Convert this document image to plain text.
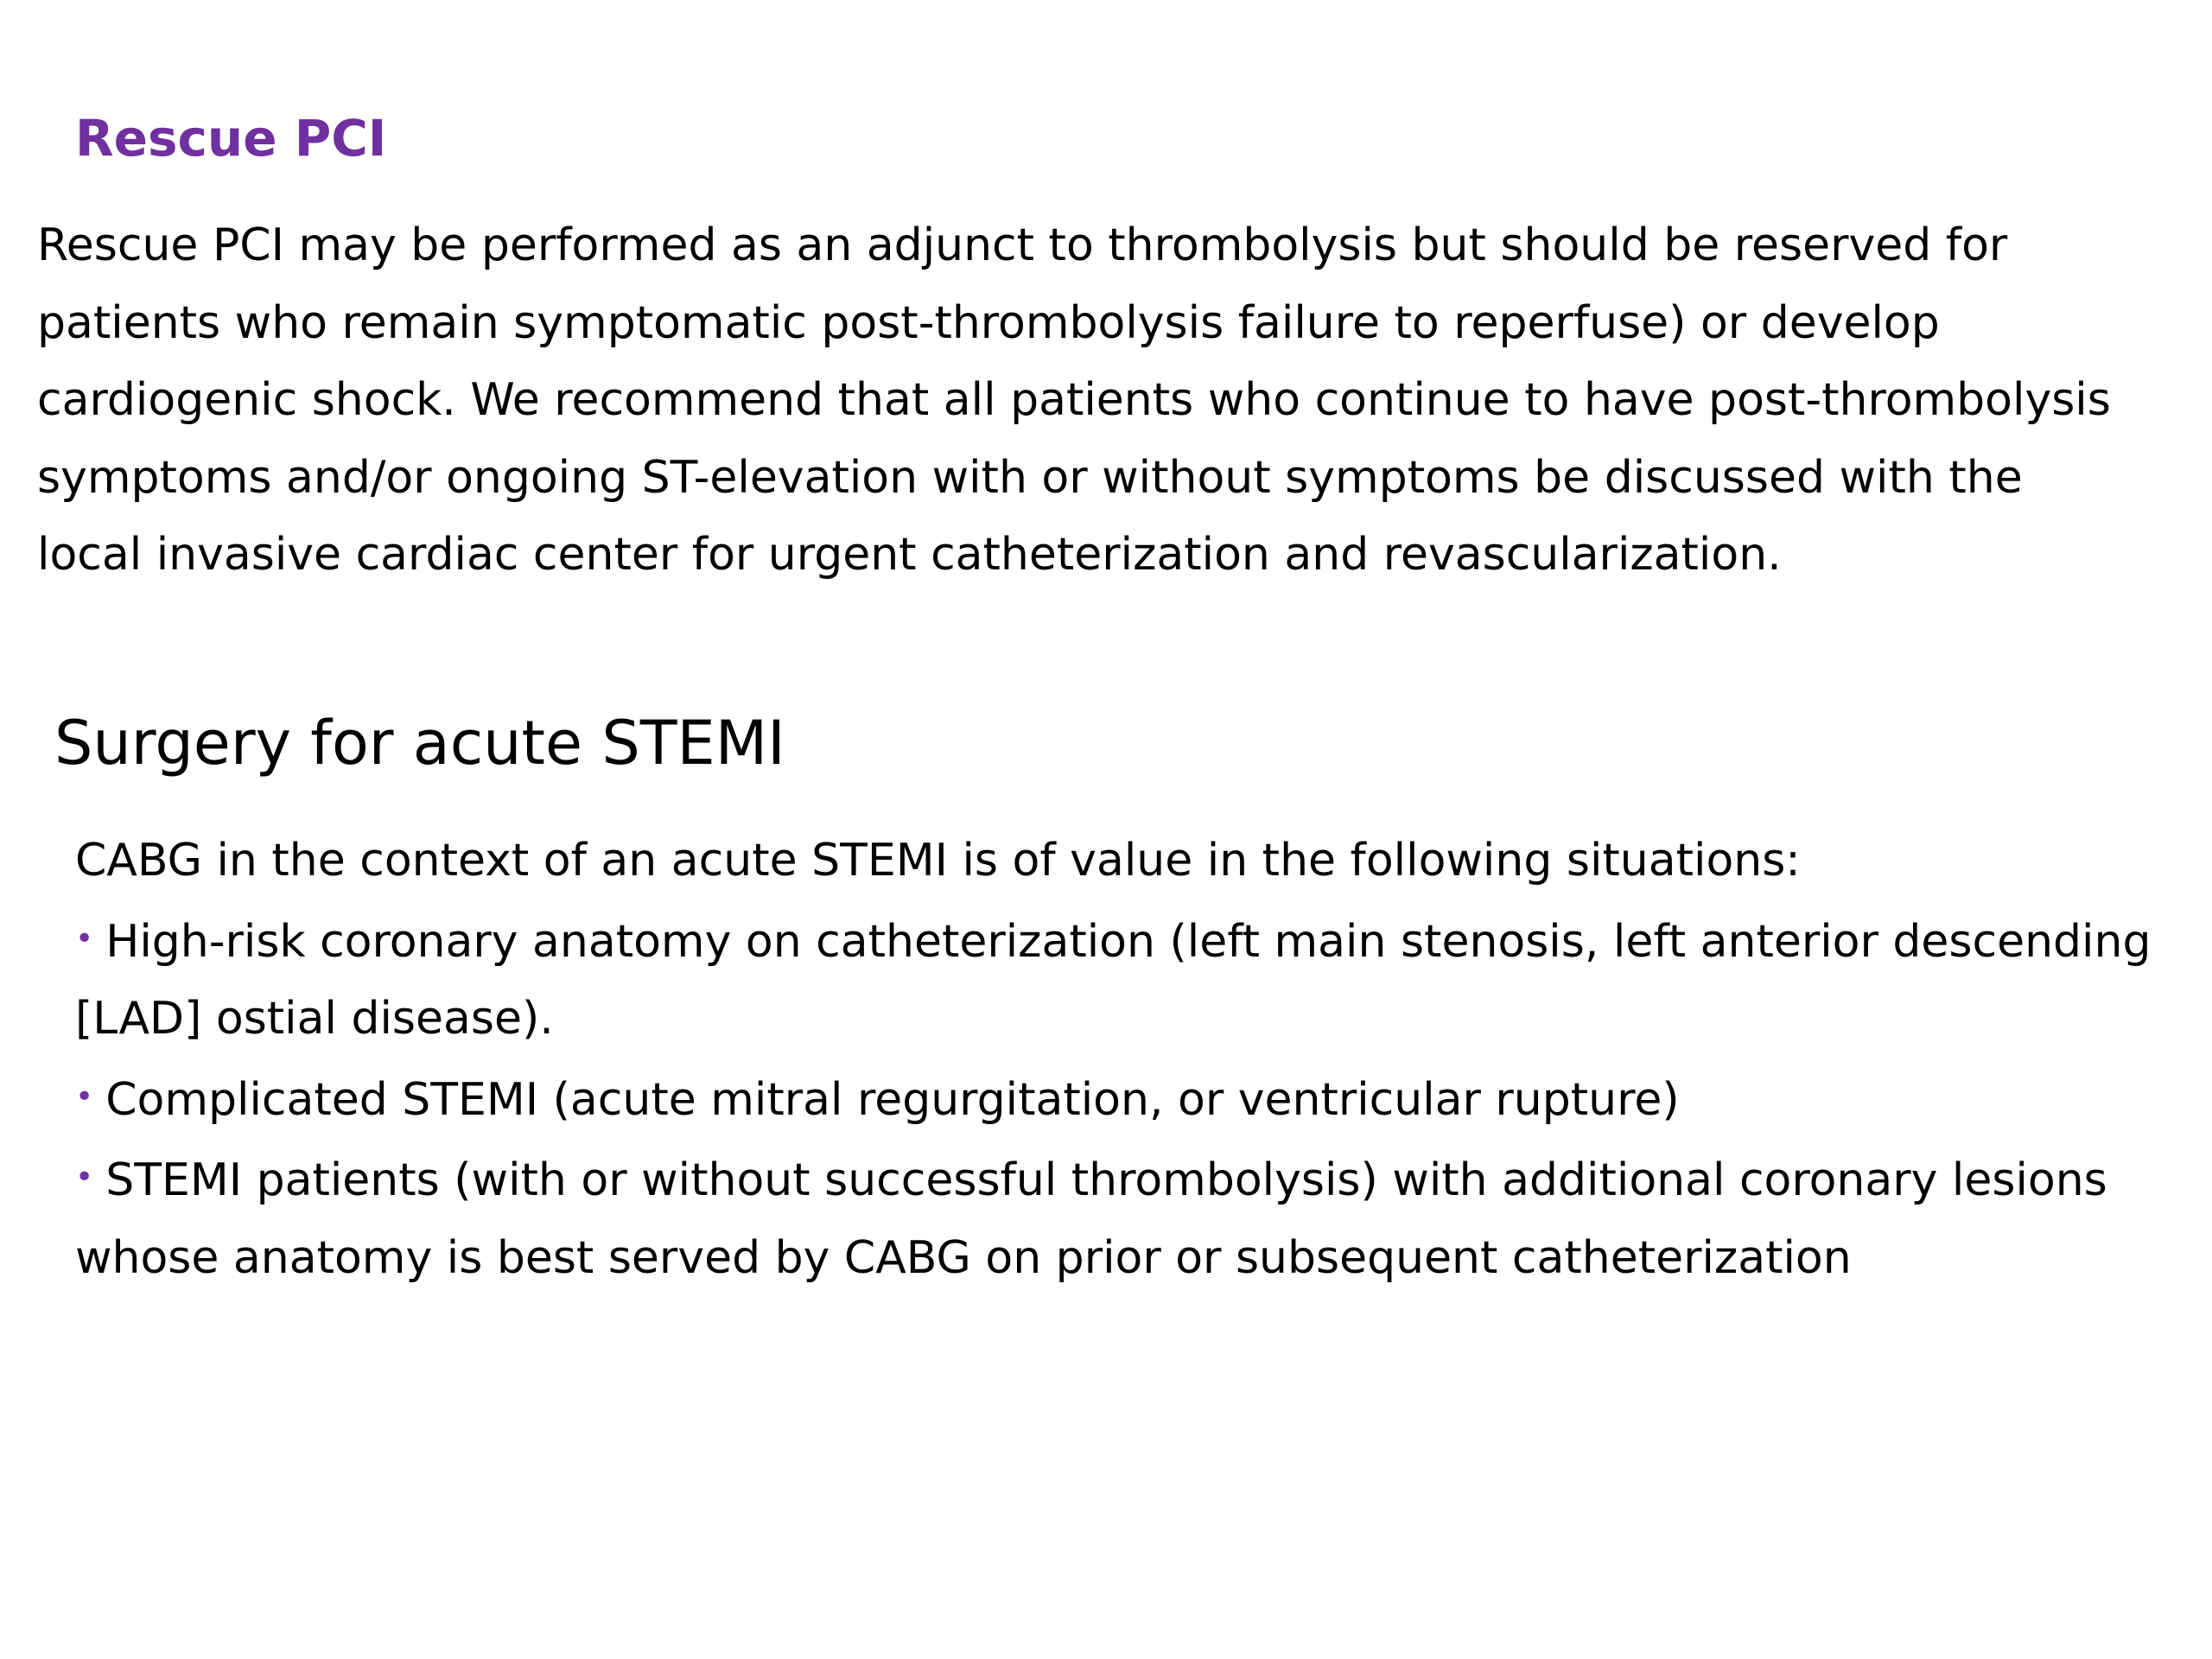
Rescue PCI

Rescue PCI may be performed as an adjunct to thrombolysis but should be reserved for
patients who remain symptomatic post-thrombolysis failure to reperfuse) or develop
cardiogenic shock. We recommend that all patients who continue to have post-thrombolysis
symptoms and/or ongoing ST-elevation with or without symptoms be discussed with the
local invasive cardiac center for urgent catheterization and revascularization.

Surgery for acute STEMI
CABG in the context of an acute STEMI is of value in the following situations:
• High-risk coronary anatomy on catheterization (left main stenosis, left anterior descending
[LAD] ostial disease).
• Complicated STEMI (acute mitral regurgitation, or ventricular rupture)
• STEMI patients (with or without successful thrombolysis) with additional coronary lesions
whose anatomy is best served by CABG on prior or subsequent catheterization
